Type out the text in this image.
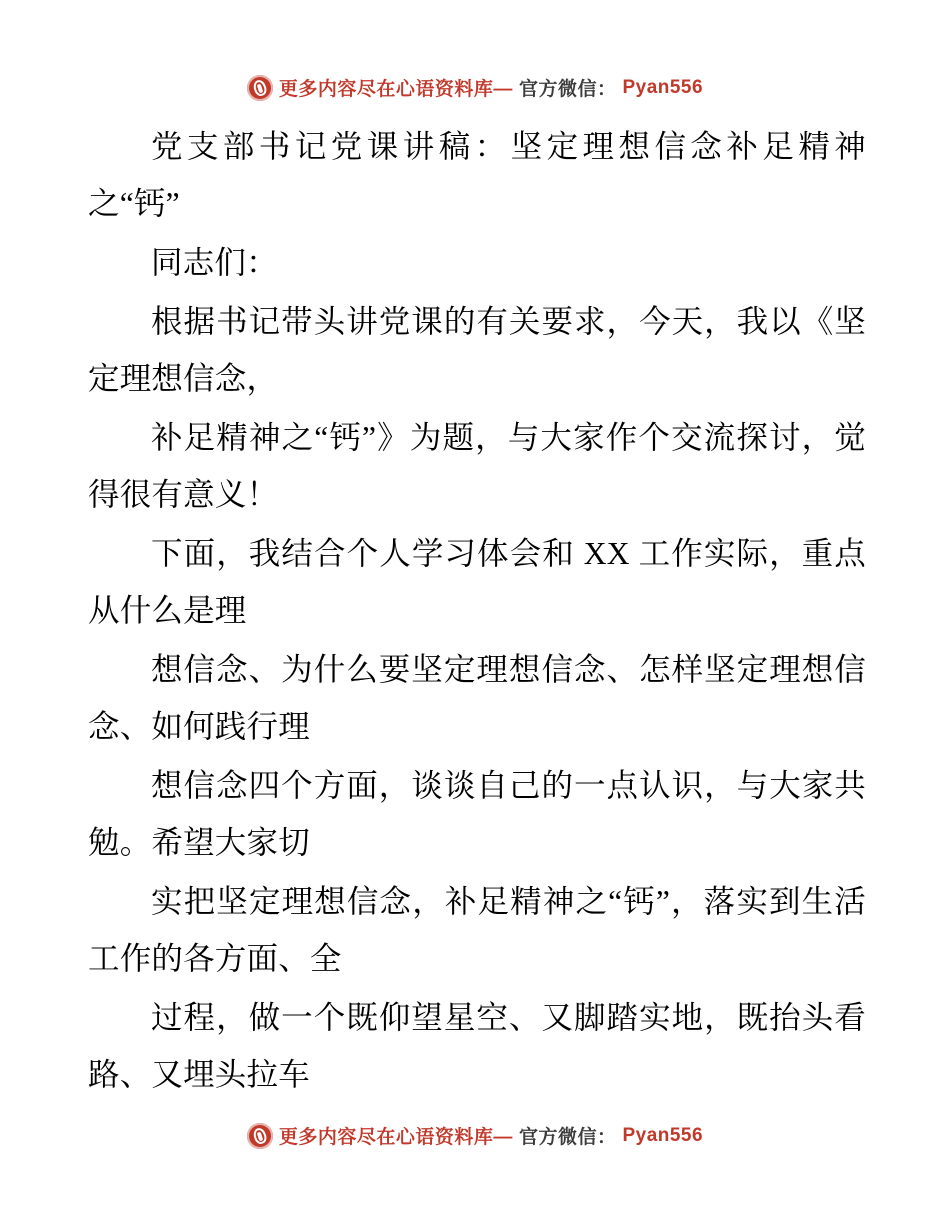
更多内容尽在心语资料库— 官方微信： Pyan556

党支部书记党课讲稿：坚定理想信念补足精神之“钙”

同志们：

根据书记带头讲党课的有关要求，今天，我以《坚定理想信念，

补足精神之“钙”》为题，与大家作个交流探讨，觉得很有意义！

下面，我结合个人学习体会和 XX 工作实际，重点从什么是理

想信念、为什么要坚定理想信念、怎样坚定理想信念、如何践行理

想信念四个方面，谈谈自己的一点认识，与大家共勉。希望大家切

实把坚定理想信念，补足精神之“钙”，落实到生活工作的各方面、全

过程，做一个既仰望星空、又脚踏实地，既抬头看路、又埋头拉车

更多内容尽在心语资料库— 官方微信： Pyan556
